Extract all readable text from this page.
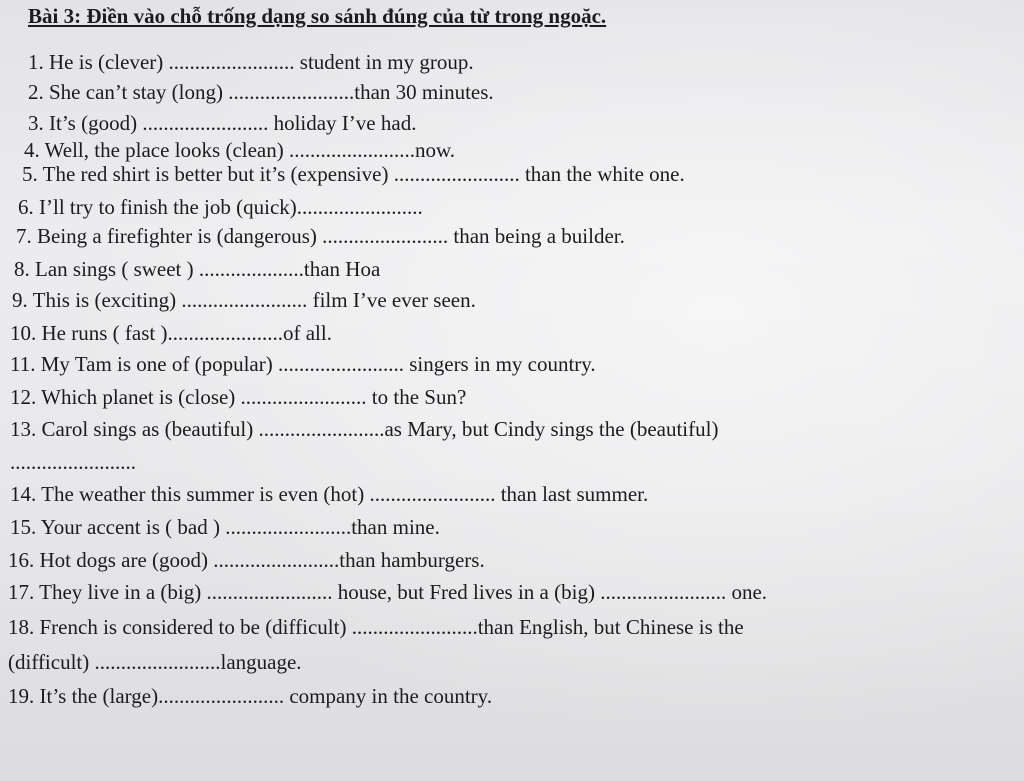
Bài 3: Điền vào chỗ trống dạng so sánh đúng của từ trong ngoặc.
1. He is (clever) ........................ student in my group.
2. She can’t stay (long) ........................than 30 minutes.
3. It’s (good) ........................ holiday I’ve had.
4. Well, the place looks (clean) ........................now.
5. The red shirt is better but it’s (expensive) ........................ than the white one.
6. I’ll try to finish the job (quick)........................
7. Being a firefighter is (dangerous) ........................ than being a builder.
8. Lan sings ( sweet ) ....................than Hoa
9. This is (exciting) ........................ film I’ve ever seen.
10. He runs ( fast )......................of all.
11. My Tam is one of (popular) ........................ singers in my country.
12. Which planet is (close) ........................ to the Sun?
13. Carol sings as (beautiful) ........................as Mary, but Cindy sings the (beautiful)
........................
14. The weather this summer is even (hot) ........................ than last summer.
15. Your accent is ( bad ) ........................than mine.
16. Hot dogs are (good) ........................than hamburgers.
17. They live in a (big) ........................ house, but Fred lives in a (big) ........................ one.
18. French is considered to be (difficult) ........................than English, but Chinese is the
(difficult) ........................language.
19. It’s the (large)........................ company in the country.
